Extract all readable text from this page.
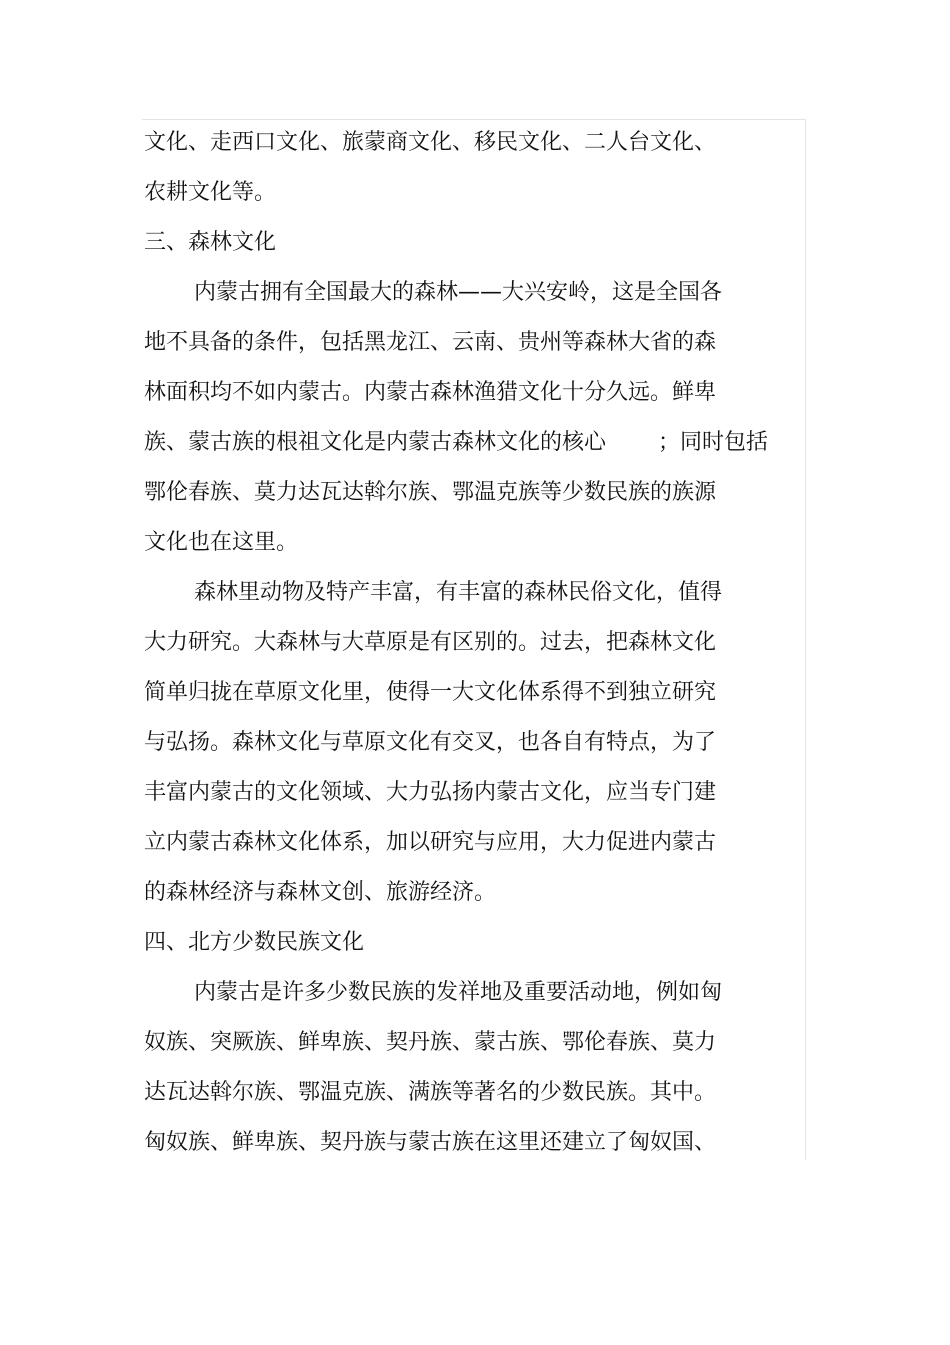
文化、走西口文化、旅蒙商文化、移民文化、二人台文化、

农耕文化等。

三、森林文化

内蒙古拥有全国最大的森林——大兴安岭，这是全国各

地不具备的条件，包括黑龙江、云南、贵州等森林大省的森

林面积均不如内蒙古。内蒙古森林渔猎文化十分久远。鲜卑

族、蒙古族的根祖文化是内蒙古森林文化的核心 ；同时包括

鄂伦春族、莫力达瓦达斡尔族、鄂温克族等少数民族的族源

文化也在这里。

森林里动物及特产丰富，有丰富的森林民俗文化，值得

大力研究。大森林与大草原是有区别的。过去，把森林文化

简单归拢在草原文化里，使得一大文化体系得不到独立研究

与弘扬。森林文化与草原文化有交叉，也各自有特点，为了

丰富内蒙古的文化领域、大力弘扬内蒙古文化，应当专门建

立内蒙古森林文化体系，加以研究与应用，大力促进内蒙古

的森林经济与森林文创、旅游经济。

四、北方少数民族文化

内蒙古是许多少数民族的发祥地及重要活动地，例如匈

奴族、突厥族、鲜卑族、契丹族、蒙古族、鄂伦春族、莫力

达瓦达斡尔族、鄂温克族、满族等著名的少数民族。其中。

匈奴族、鲜卑族、契丹族与蒙古族在这里还建立了匈奴国、
